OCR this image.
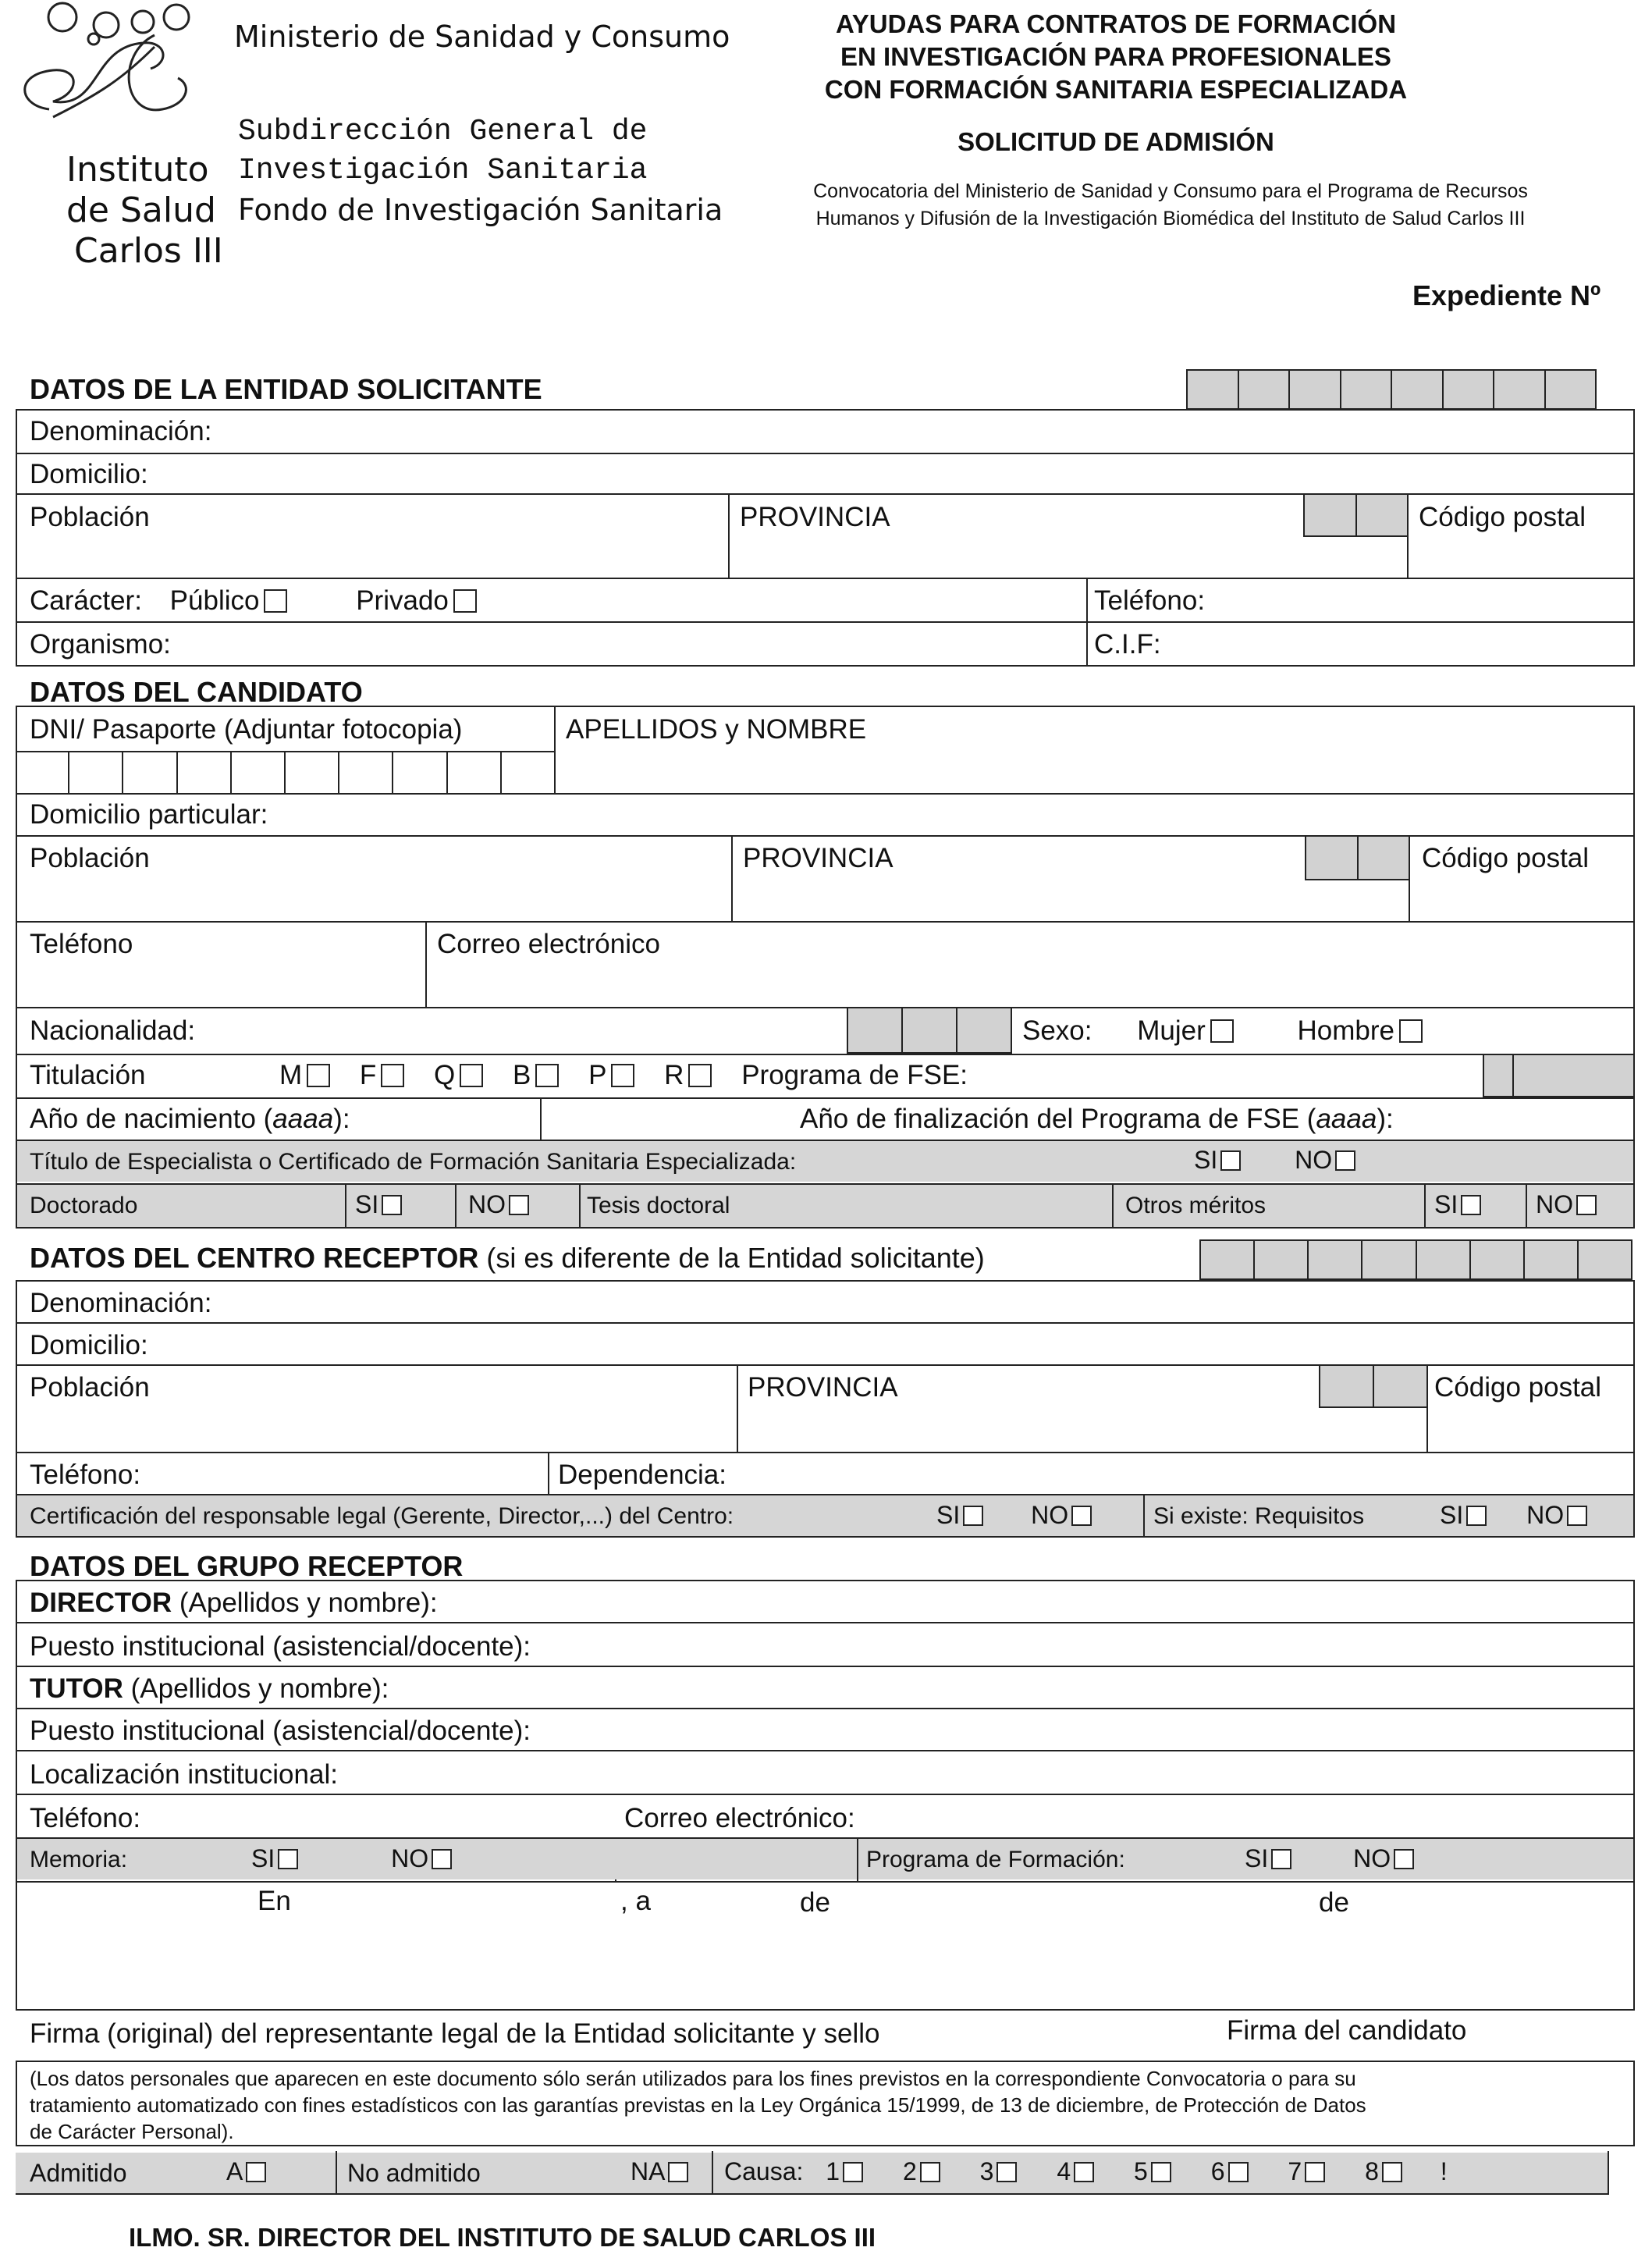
Instituto
de Salud
Carlos III
Ministerio de Sanidad y Consumo
Subdirección General de
Investigación Sanitaria
Fondo de Investigación Sanitaria
AYUDAS PARA CONTRATOS DE FORMACIÓN
EN INVESTIGACIÓN PARA PROFESIONALES
CON FORMACIÓN SANITARIA ESPECIALIZADA
SOLICITUD DE ADMISIÓN
Convocatoria del Ministerio de Sanidad y Consumo para el Programa de Recursos
Humanos y Difusión de la Investigación Biomédica del Instituto de Salud Carlos III
Expediente Nº
DATOS DE LA ENTIDAD SOLICITANTE
Denominación:
Domicilio:
Población	PROVINCIA	Código postal
Carácter: Público	Privado	Teléfono:
Organismo:	C.I.F:
DATOS DEL CANDIDATO
DNI/ Pasaporte (Adjuntar fotocopia)	APELLIDOS y NOMBRE
Domicilio particular:
Población	PROVINCIA	Código postal
Teléfono	Correo electrónico
Nacionalidad:	Sexo: Mujer	Hombre
Titulación	M F Q B P R Programa de FSE:
Año de nacimiento (aaaa):	Año de finalización del Programa de FSE (aaaa):
Título de Especialista o Certificado de Formación Sanitaria Especializada:	SI	NO
Doctorado	SI	NO	Tesis doctoral	Otros méritos	SI	NO
DATOS DEL CENTRO RECEPTOR (si es diferente de la Entidad solicitante)
Denominación:
Domicilio:
Población	PROVINCIA	Código postal
Teléfono:	Dependencia:
Certificación del responsable legal (Gerente, Director,...) del Centro:	SI	NO	Si existe: Requisitos	SI	NO
DATOS DEL GRUPO RECEPTOR
DIRECTOR (Apellidos y nombre):
Puesto institucional (asistencial/docente):
TUTOR (Apellidos y nombre):
Puesto institucional (asistencial/docente):
Localización institucional:
Teléfono:	Correo electrónico:
Memoria:	SI	NO	Programa de Formación:	SI	NO
En	, a	de	de
Firma (original) del representante legal de la Entidad solicitante y sello	Firma del candidato
(Los datos personales que aparecen en este documento sólo serán utilizados para los fines previstos en la correspondiente Convocatoria o para su
tratamiento automatizado con fines estadísticos con las garantías previstas en la Ley Orgánica 15/1999, de 13 de diciembre, de Protección de Datos
de Carácter Personal).
Admitido	A	No admitido	NA	Causa: 1	2	3	4	5	6	7	8 !
ILMO. SR. DIRECTOR DEL INSTITUTO DE SALUD CARLOS III
